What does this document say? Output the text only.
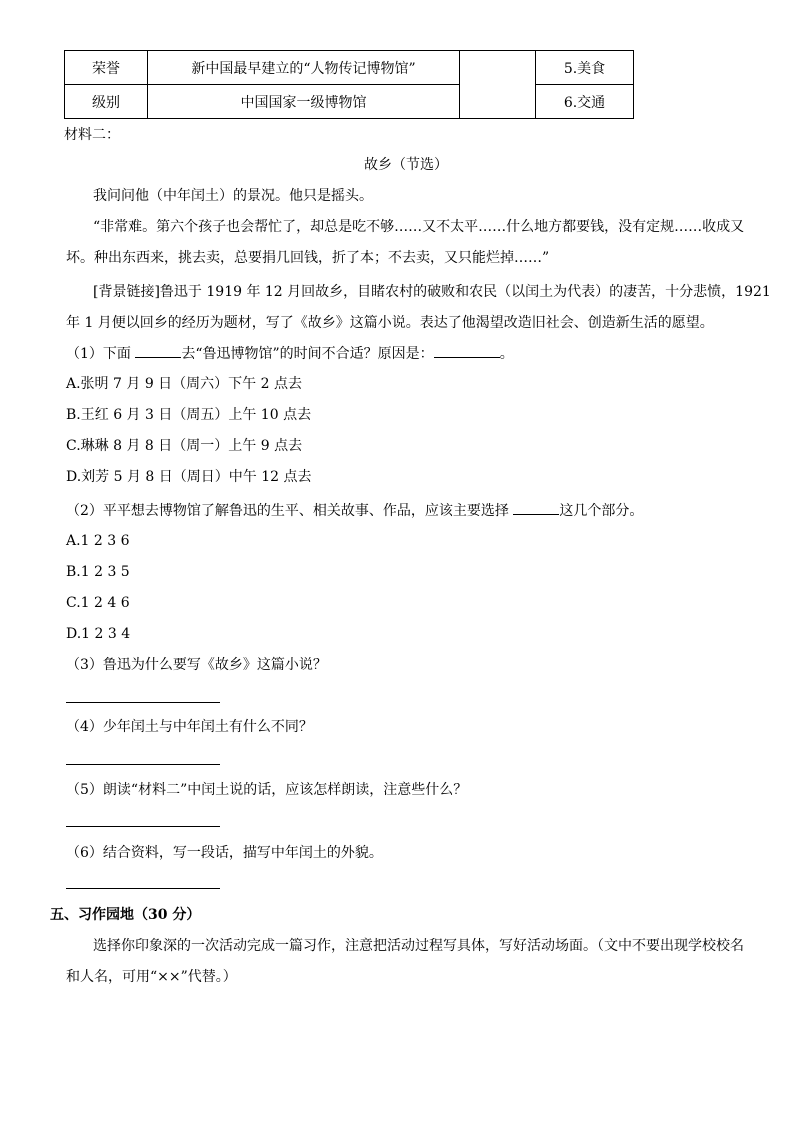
荣誉	新中国最早建立的“人物传记博物馆”		5.美食
级别	中国国家一级博物馆		6.交通
材料二：
故乡（节选）
我问问他（中年闰土）的景况。他只是摇头。
“非常难。第六个孩子也会帮忙了，却总是吃不够……又不太平……什么地方都要钱，没有定规……收成又
坏。种出东西来，挑去卖，总要捐几回钱，折了本；不去卖，又只能烂掉……”
[背景链接]鲁迅于 1919 年 12 月回故乡，目睹农村的破败和农民（以闰土为代表）的凄苦，十分悲愤，1921
年 1 月便以回乡的经历为题材，写了《故乡》这篇小说。表达了他渴望改造旧社会、创造新生活的愿望。
（1）下面	去“鲁迅博物馆”的时间不合适？原因是：	。
A.张明 7 月 9 日（周六）下午 2 点去
B.王红 6 月 3 日（周五）上午 10 点去
C.琳琳 8 月 8 日（周一）上午 9 点去
D.刘芳 5 月 8 日（周日）中午 12 点去
（2）平平想去博物馆了解鲁迅的生平、相关故事、作品，应该主要选择	这几个部分。
A.1 2 3 6
B.1 2 3 5
C.1 2 4 6
D.1 2 3 4
（3）鲁迅为什么要写《故乡》这篇小说？
（4）少年闰土与中年闰土有什么不同？
（5）朗读“材料二”中闰土说的话，应该怎样朗读，注意些什么？
（6）结合资料，写一段话，描写中年闰土的外貌。
五、习作园地（30 分）
选择你印象深的一次活动完成一篇习作，注意把活动过程写具体，写好活动场面。（文中不要出现学校校名
和人名，可用“××”代替。）
